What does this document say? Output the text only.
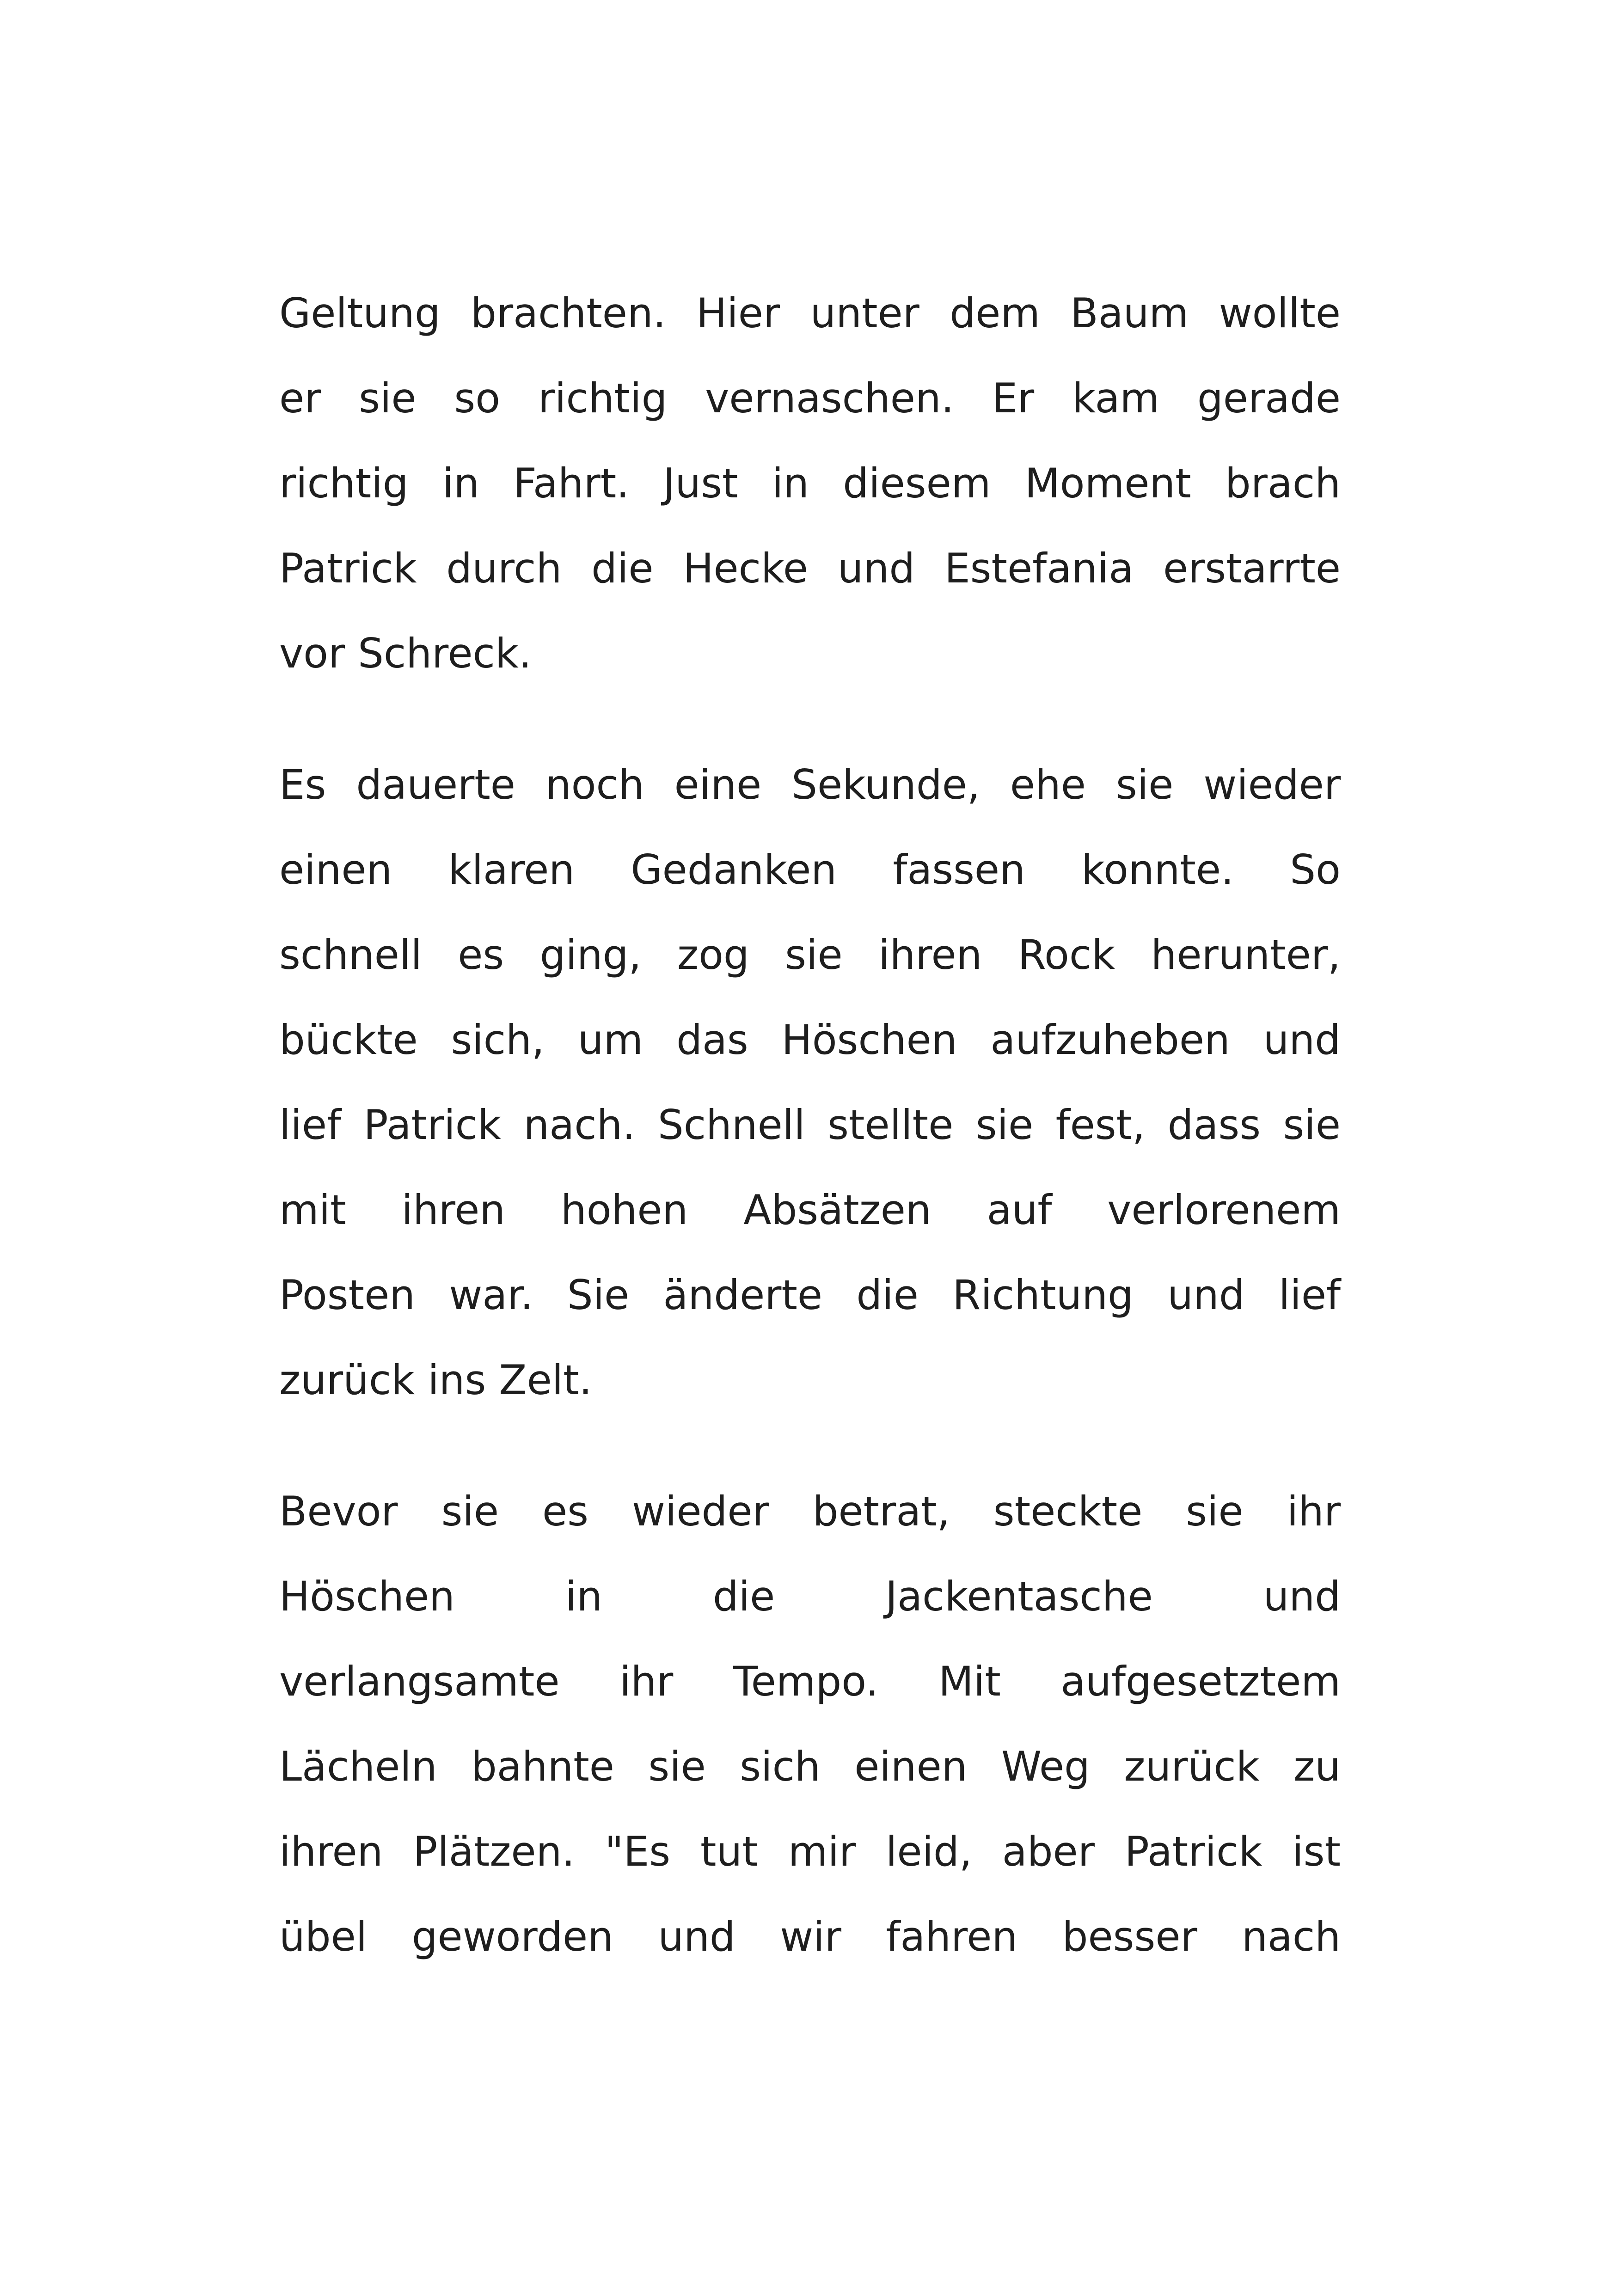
Geltung brachten. Hier unter dem Baum wollte
er sie so richtig vernaschen. Er kam gerade
richtig in Fahrt. Just in diesem Moment brach
Patrick durch die Hecke und Estefania erstarrte
vor Schreck.
Es dauerte noch eine Sekunde, ehe sie wieder
einen klaren Gedanken fassen konnte. So
schnell es ging, zog sie ihren Rock herunter,
bückte sich, um das Höschen aufzuheben und
lief Patrick nach. Schnell stellte sie fest, dass sie
mit ihren hohen Absätzen auf verlorenem
Posten war. Sie änderte die Richtung und lief
zurück ins Zelt.
Bevor sie es wieder betrat, steckte sie ihr
Höschen in die Jackentasche und
verlangsamte ihr Tempo. Mit aufgesetztem
Lächeln bahnte sie sich einen Weg zurück zu
ihren Plätzen. "Es tut mir leid, aber Patrick ist
übel geworden und wir fahren besser nach
